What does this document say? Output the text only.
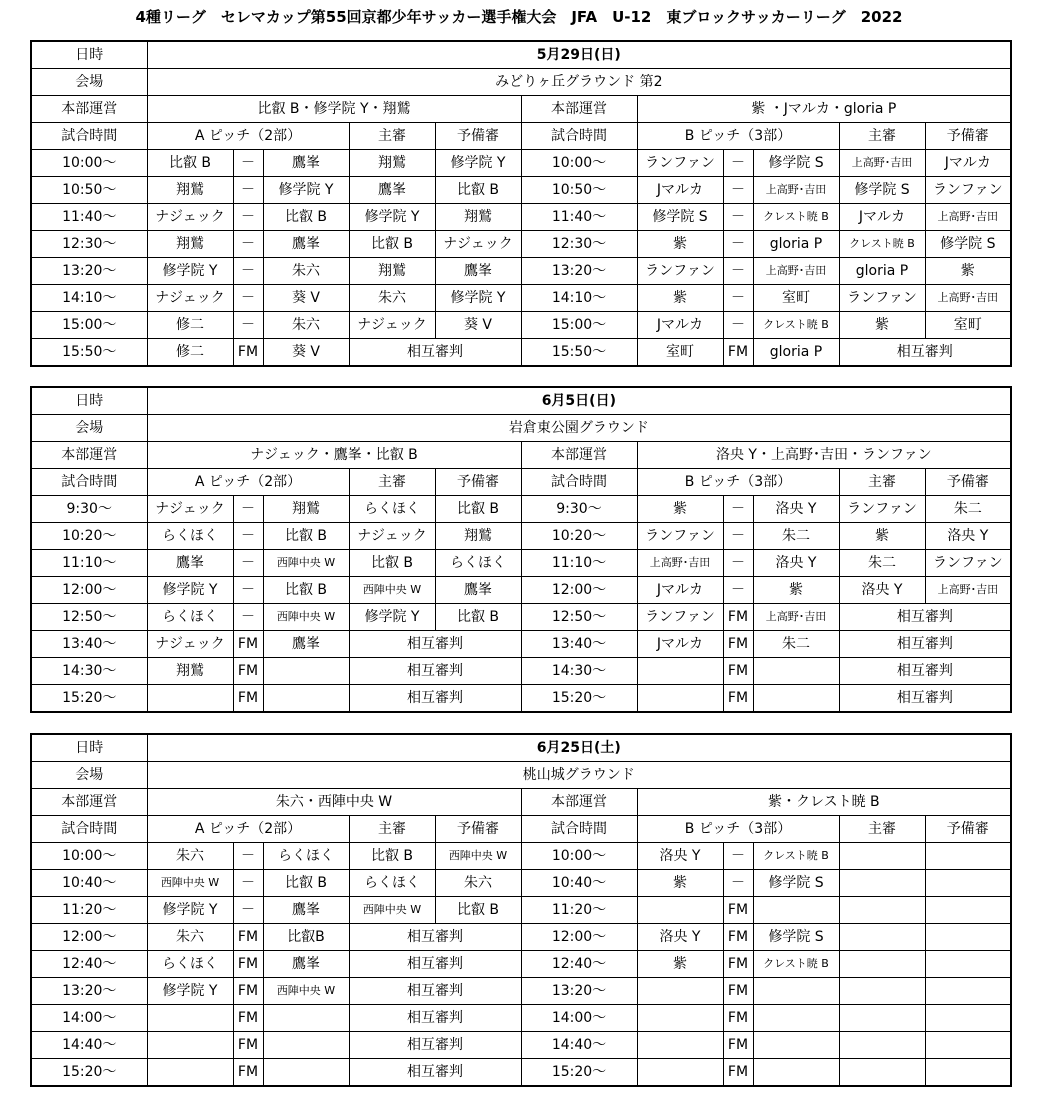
4種リーグ　セレマカップ第55回京都少年サッカー選手権大会　JFA　U-12　東ブロックサッカーリーグ　2022
日時	5月29日(日)										
会場	みどりヶ丘グラウンド 第2										
本部運営	比叡 B・修学院 Y・翔鷲					本部運営	紫 ・Jマルカ・gloria P				
試合時間	A ピッチ（2部）			主審	予備審	試合時間	B ピッチ（3部）			主審	予備審
10:00～	比叡 B	－	鷹峯	翔鷲	修学院 Y	10:00～	ランファン	－	修学院 S	上高野･吉田	Jマルカ
10:50～	翔鷲	－	修学院 Y	鷹峯	比叡 B	10:50～	Jマルカ	－	上高野･吉田	修学院 S	ランファン
11:40～	ナジェック	－	比叡 B	修学院 Y	翔鷲	11:40～	修学院 S	－	クレスト暁 B	Jマルカ	上高野･吉田
12:30～	翔鷲	－	鷹峯	比叡 B	ナジェック	12:30～	紫	－	gloria P	クレスト暁 B	修学院 S
13:20～	修学院 Y	－	朱六	翔鷲	鷹峯	13:20～	ランファン	－	上高野･吉田	gloria P	紫
14:10～	ナジェック	－	葵 V	朱六	修学院 Y	14:10～	紫	－	室町	ランファン	上高野･吉田
15:00～	修二	－	朱六	ナジェック	葵 V	15:00～	Jマルカ	－	クレスト暁 B	紫	室町
15:50～	修二	FM	葵 V	相互審判		15:50～	室町	FM	gloria P	相互審判	
日時	6月5日(日)										
会場	岩倉東公園グラウンド										
本部運営	ナジェック・鷹峯・比叡 B					本部運営	洛央 Y・上高野･吉田・ランファン				
試合時間	A ピッチ（2部）			主審	予備審	試合時間	B ピッチ（3部）			主審	予備審
9:30～	ナジェック	－	翔鷲	らくほく	比叡 B	9:30～	紫	－	洛央 Y	ランファン	朱二
10:20～	らくほく	－	比叡 B	ナジェック	翔鷲	10:20～	ランファン	－	朱二	紫	洛央 Y
11:10～	鷹峯	－	西陣中央 W	比叡 B	らくほく	11:10～	上高野･吉田	－	洛央 Y	朱二	ランファン
12:00～	修学院 Y	－	比叡 B	西陣中央 W	鷹峯	12:00～	Jマルカ	－	紫	洛央 Y	上高野･吉田
12:50～	らくほく	－	西陣中央 W	修学院 Y	比叡 B	12:50～	ランファン	FM	上高野･吉田	相互審判	
13:40～	ナジェック	FM	鷹峯	相互審判		13:40～	Jマルカ	FM	朱二	相互審判	
14:30～	翔鷲	FM		相互審判		14:30～		FM		相互審判	
15:20～		FM		相互審判		15:20～		FM		相互審判	
日時	6月25日(土)										
会場	桃山城グラウンド										
本部運営	朱六・西陣中央 W					本部運営	紫・クレスト暁 B				
試合時間	A ピッチ（2部）			主審	予備審	試合時間	B ピッチ（3部）			主審	予備審
10:00～	朱六	－	らくほく	比叡 B	西陣中央 W	10:00～	洛央 Y	－	クレスト暁 B		
10:40～	西陣中央 W	－	比叡 B	らくほく	朱六	10:40～	紫	－	修学院 S		
11:20～	修学院 Y	－	鷹峯	西陣中央 W	比叡 B	11:20～		FM			
12:00～	朱六	FM	比叡B	相互審判		12:00～	洛央 Y	FM	修学院 S		
12:40～	らくほく	FM	鷹峯	相互審判		12:40～	紫	FM	クレスト暁 B		
13:20～	修学院 Y	FM	西陣中央 W	相互審判		13:20～		FM			
14:00～		FM		相互審判		14:00～		FM			
14:40～		FM		相互審判		14:40～		FM			
15:20～		FM		相互審判		15:20～		FM			
